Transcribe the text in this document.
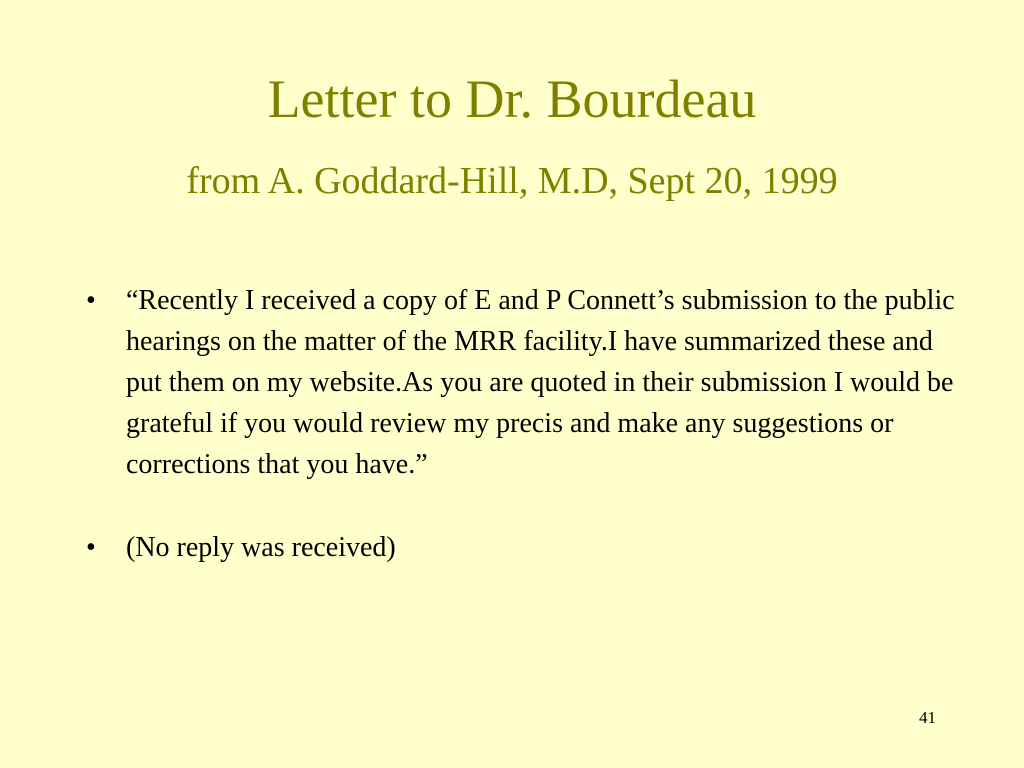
Letter to Dr. Bourdeau
from A. Goddard-Hill, M.D, Sept 20, 1999
•	“Recently I received a copy of E and P Connett’s submission to the public hearings on the matter of the MRR facility.I have summarized these and put them on my website.As you are quoted in their submission I would be grateful if you would review my precis and make any suggestions or corrections that you have.”
•	(No reply was received)
41
